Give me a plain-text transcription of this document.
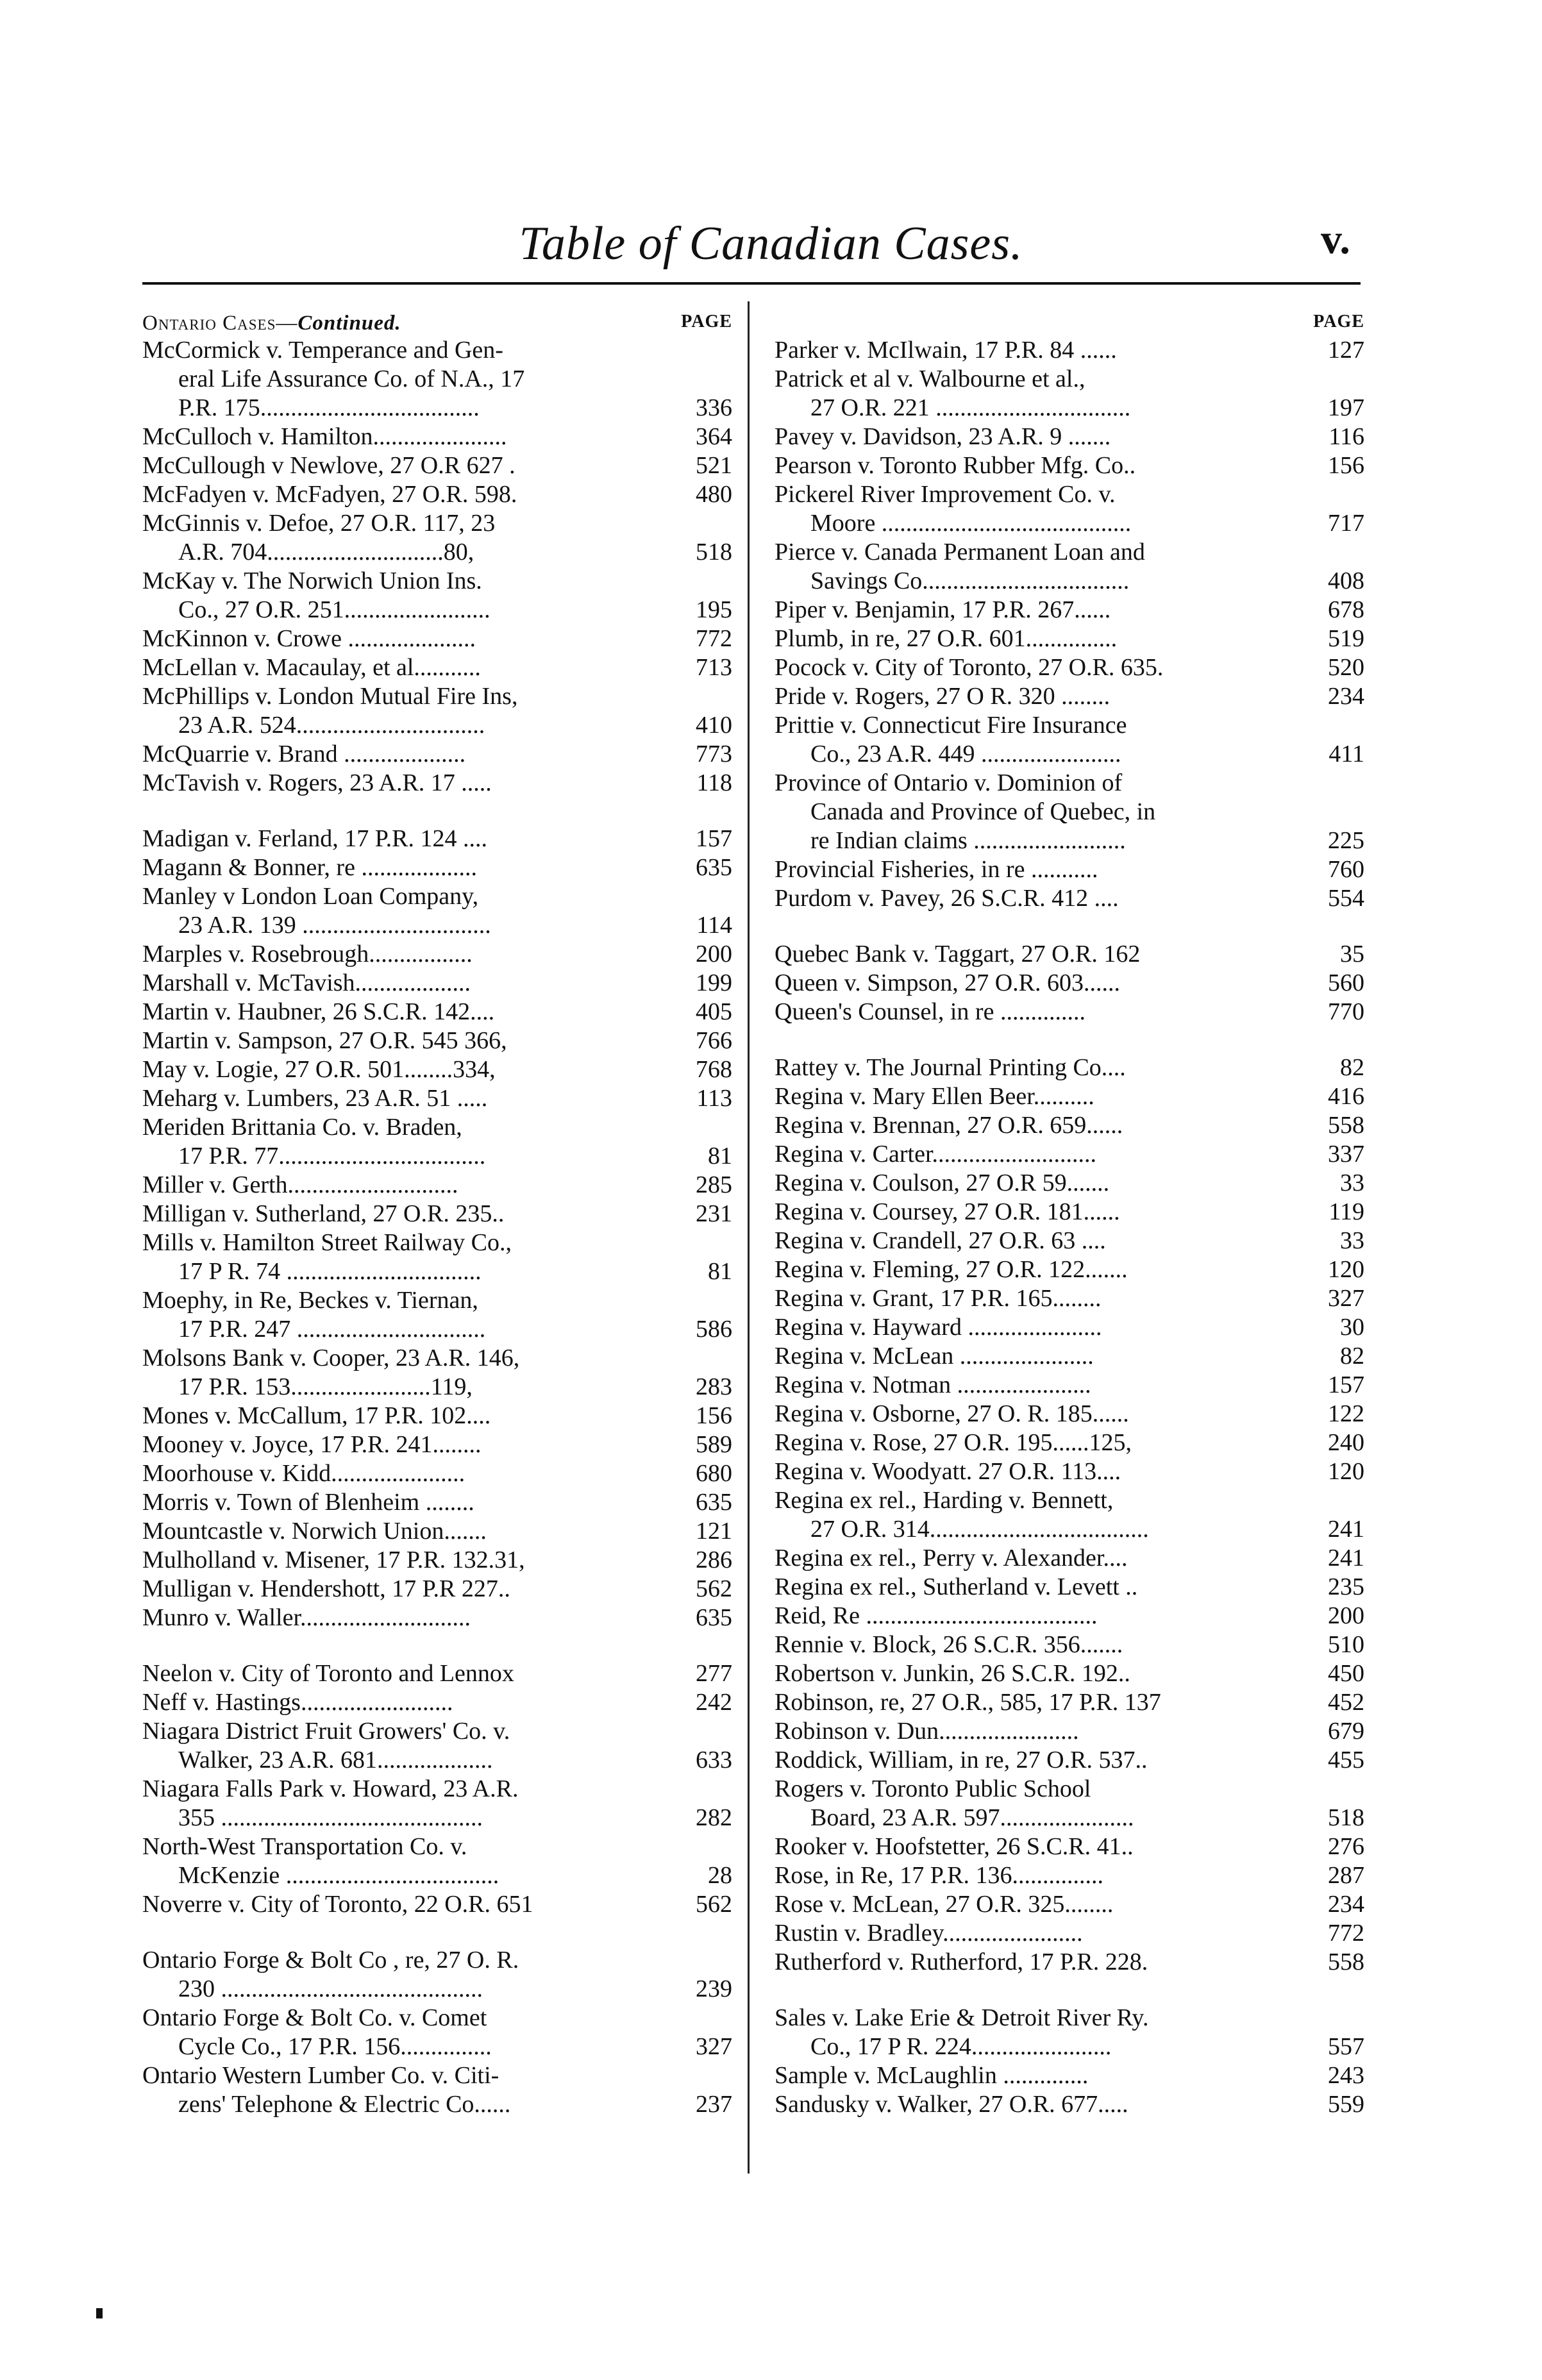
Table of Canadian Cases.	v.
Ontario Cases—Continued.	PAGE
McCormick v. Temperance and Gen-
eral Life Assurance Co. of N.A., 17
P.R. 175....................................	336
McCulloch v. Hamilton......................	364
McCullough v Newlove, 27 O.R 627 .	521
McFadyen v. McFadyen, 27 O.R. 598.	480
McGinnis v. Defoe, 27 O.R. 117, 23
A.R. 704.............................80,	518
McKay v. The Norwich Union Ins.
Co., 27 O.R. 251........................	195
McKinnon v. Crowe .....................	772
McLellan v. Macaulay, et al...........	713
McPhillips v. London Mutual Fire Ins,
23 A.R. 524...............................	410
McQuarrie v. Brand ....................	773
McTavish v. Rogers, 23 A.R. 17 .....	118
Madigan v. Ferland, 17 P.R. 124 ....	157
Magann & Bonner, re ...................	635
Manley v London Loan Company,
23 A.R. 139 ...............................	114
Marples v. Rosebrough.................	200
Marshall v. McTavish...................	199
Martin v. Haubner, 26 S.C.R. 142....	405
Martin v. Sampson, 27 O.R. 545 366,	766
May v. Logie, 27 O.R. 501........334,	768
Meharg v. Lumbers, 23 A.R. 51 .....	113
Meriden Brittania Co. v. Braden,
17 P.R. 77..................................	81
Miller v. Gerth............................	285
Milligan v. Sutherland, 27 O.R. 235..	231
Mills v. Hamilton Street Railway Co.,
17 P R. 74 ................................	81
Moephy, in Re, Beckes v. Tiernan,
17 P.R. 247 ...............................	586
Molsons Bank v. Cooper, 23 A.R. 146,
17 P.R. 153.......................119,	283
Mones v. McCallum, 17 P.R. 102....	156
Mooney v. Joyce, 17 P.R. 241........	589
Moorhouse v. Kidd......................	680
Morris v. Town of Blenheim ........	635
Mountcastle v. Norwich Union.......	121
Mulholland v. Misener, 17 P.R. 132.31,	286
Mulligan v. Hendershott, 17 P.R 227..	562
Munro v. Waller............................	635
Neelon v. City of Toronto and Lennox	277
Neff v. Hastings.........................	242
Niagara District Fruit Growers' Co. v.
Walker, 23 A.R. 681...................	633
Niagara Falls Park v. Howard, 23 A.R.
355 ...........................................	282
North-West Transportation Co. v.
McKenzie ...................................	28
Noverre v. City of Toronto, 22 O.R. 651	562
Ontario Forge & Bolt Co , re, 27 O. R.
230 ...........................................	239
Ontario Forge & Bolt Co. v. Comet
Cycle Co., 17 P.R. 156...............	327
Ontario Western Lumber Co. v. Citi-
zens' Telephone & Electric Co......	237
PAGE
Parker v. McIlwain, 17 P.R. 84 ......	127
Patrick et al v. Walbourne et al.,
27 O.R. 221 ................................	197
Pavey v. Davidson, 23 A.R. 9 .......	116
Pearson v. Toronto Rubber Mfg. Co..	156
Pickerel River Improvement Co. v.
Moore .........................................	717
Pierce v. Canada Permanent Loan and
Savings Co..................................	408
Piper v. Benjamin, 17 P.R. 267......	678
Plumb, in re, 27 O.R. 601...............	519
Pocock v. City of Toronto, 27 O.R. 635.	520
Pride v. Rogers, 27 O R. 320 ........	234
Prittie v. Connecticut Fire Insurance
Co., 23 A.R. 449 .......................	411
Province of Ontario v. Dominion of
Canada and Province of Quebec, in
re Indian claims .........................	225
Provincial Fisheries, in re ...........	760
Purdom v. Pavey, 26 S.C.R. 412 ....	554
Quebec Bank v. Taggart, 27 O.R. 162	35
Queen v. Simpson, 27 O.R. 603......	560
Queen's Counsel, in re ..............	770
Rattey v. The Journal Printing Co....	82
Regina v. Mary Ellen Beer..........	416
Regina v. Brennan, 27 O.R. 659......	558
Regina v. Carter...........................	337
Regina v. Coulson, 27 O.R 59.......	33
Regina v. Coursey, 27 O.R. 181......	119
Regina v. Crandell, 27 O.R. 63 ....	33
Regina v. Fleming, 27 O.R. 122.......	120
Regina v. Grant, 17 P.R. 165........	327
Regina v. Hayward ......................	30
Regina v. McLean ......................	82
Regina v. Notman ......................	157
Regina v. Osborne, 27 O. R. 185......	122
Regina v. Rose, 27 O.R. 195......125,	240
Regina v. Woodyatt. 27 O.R. 113....	120
Regina ex rel., Harding v. Bennett,
27 O.R. 314....................................	241
Regina ex rel., Perry v. Alexander....	241
Regina ex rel., Sutherland v. Levett ..	235
Reid, Re ......................................	200
Rennie v. Block, 26 S.C.R. 356.......	510
Robertson v. Junkin, 26 S.C.R. 192..	450
Robinson, re, 27 O.R., 585, 17 P.R. 137	452
Robinson v. Dun.......................	679
Roddick, William, in re, 27 O.R. 537..	455
Rogers v. Toronto Public School
Board, 23 A.R. 597......................	518
Rooker v. Hoofstetter, 26 S.C.R. 41..	276
Rose, in Re, 17 P.R. 136...............	287
Rose v. McLean, 27 O.R. 325........	234
Rustin v. Bradley.......................	772
Rutherford v. Rutherford, 17 P.R. 228.	558
Sales v. Lake Erie & Detroit River Ry.
Co., 17 P R. 224.......................	557
Sample v. McLaughlin ..............	243
Sandusky v. Walker, 27 O.R. 677.....	559
